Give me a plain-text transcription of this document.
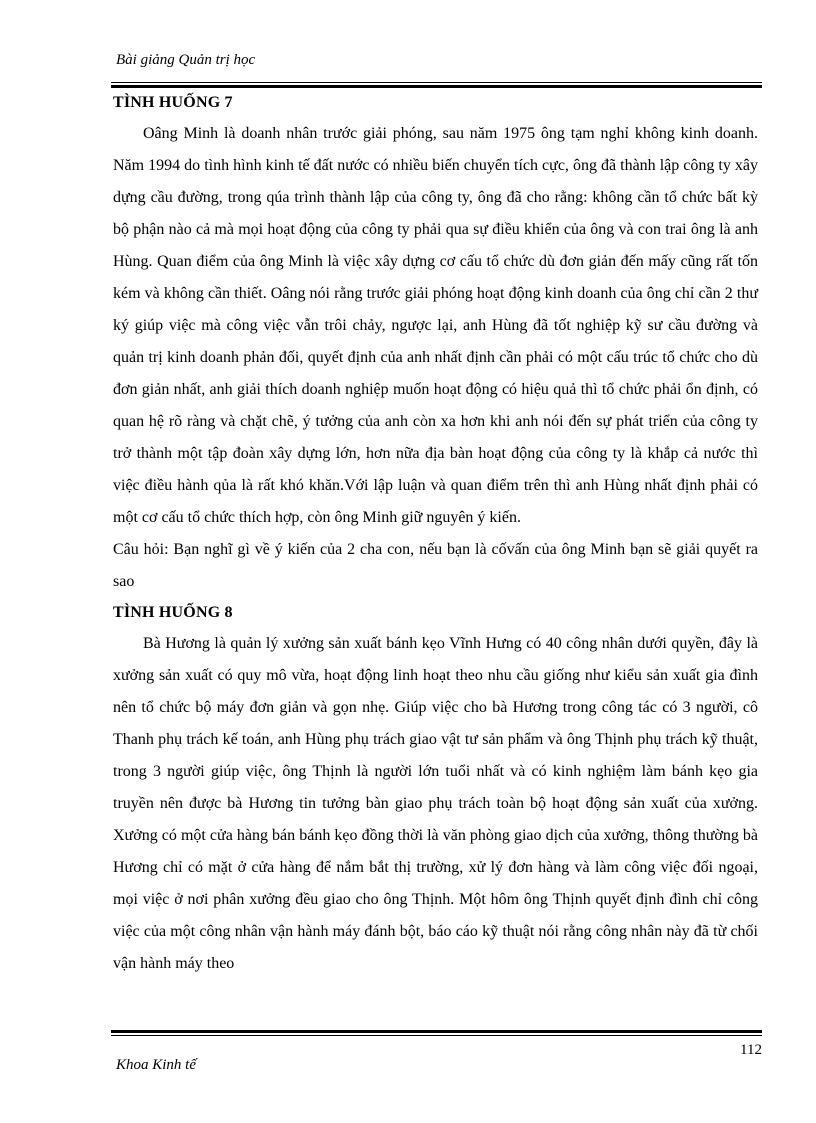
Bài giảng Quản trị học
TÌNH HUỐNG 7

Oâng Minh là doanh nhân trước giải phóng, sau năm 1975 ông tạm nghỉ không kinh doanh. Năm 1994 do tình hình kinh tế đất nước có nhiều biến chuyển tích cực, ông đã thành lập công ty xây dựng cầu đường, trong qúa trình thành lập của công ty, ông đã cho rằng: không cần tổ chức bất kỳ bộ phận nào cả mà mọi hoạt động của công ty phải qua sự điều khiển của ông và con trai ông là anh Hùng. Quan điểm của ông Minh là việc xây dựng cơ cấu tổ chức dù đơn giản đến mấy cũng rất tốn kém và không cần thiết. Oâng nói rằng trước giải phóng hoạt động kinh doanh của ông chỉ cần 2 thư ký giúp việc mà công việc vẫn trôi chảy, ngược lại, anh Hùng đã tốt nghiệp kỹ sư cầu đường và quản trị kinh doanh phản đối, quyết định của anh nhất định cần phải có một cấu trúc tổ chức cho dù đơn giản nhất, anh giải thích doanh nghiệp muốn hoạt động có hiệu quả thì tổ chức phải ổn định, có quan hệ rõ ràng và chặt chẽ, ý tưởng của anh còn xa hơn khi anh nói đến sự phát triển của công ty trở thành một tập đoàn xây dựng lớn, hơn nữa địa bàn hoạt động của công ty là khắp cả nước thì việc điều hành qủa là rất khó khăn.Với lập luận và quan điểm trên thì anh Hùng nhất định phải có một cơ cấu tổ chức thích hợp, còn ông Minh giữ nguyên ý kiến.

Câu hỏi: Bạn nghĩ gì về ý kiến của 2 cha con, nếu bạn là cốvấn của ông Minh bạn sẽ giải quyết ra sao

TÌNH HUỐNG 8

Bà Hương là quản lý xưởng sản xuất bánh kẹo Vĩnh Hưng có 40 công nhân dưới quyền, đây là xưởng sản xuất có quy mô vừa, hoạt động linh hoạt theo nhu cầu giống như kiểu sản xuất gia đình nên tổ chức bộ máy đơn giản và gọn nhẹ. Giúp việc cho bà Hương trong công tác có 3 người, cô Thanh phụ trách kế toán, anh Hùng phụ trách giao vật tư sản phẩm và ông Thịnh phụ trách kỹ thuật, trong 3 người giúp việc, ông Thịnh là người lớn tuổi nhất và có kinh nghiệm làm bánh kẹo gia truyền nên được bà Hương tin tưởng bàn giao phụ trách toàn bộ hoạt động sản xuất của xưởng. Xưởng có một cửa hàng bán bánh kẹo đồng thời là văn phòng giao dịch của xưởng, thông thường bà Hương chỉ có mặt ở cửa hàng để nắm bắt thị trường, xử lý đơn hàng và làm công việc đối ngoại, mọi việc ở nơi phân xưởng đều giao cho ông Thịnh. Một hôm ông Thịnh quyết định đình chỉ công việc của một công nhân vận hành máy đánh bột, báo cáo kỹ thuật nói rằng công nhân này đã từ chối vận hành máy theo

Khoa Kinh tế
112
